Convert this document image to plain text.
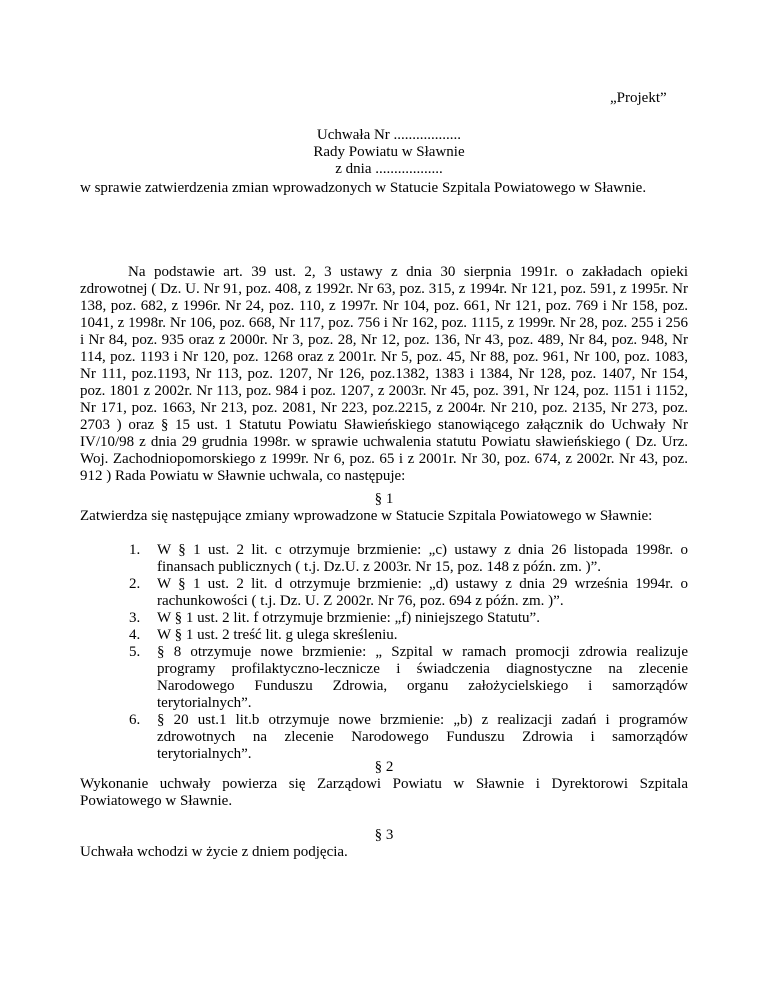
„Projekt”

Uchwała Nr ..................
Rady Powiatu w Sławnie
z dnia ..................

w sprawie zatwierdzenia zmian wprowadzonych w Statucie Szpitala Powiatowego w Sławnie.

Na podstawie art. 39 ust. 2, 3 ustawy z dnia 30 sierpnia 1991r. o zakładach opieki zdrowotnej ( Dz. U. Nr 91, poz. 408, z 1992r. Nr 63, poz. 315, z 1994r. Nr 121, poz. 591, z 1995r. Nr 138, poz. 682, z 1996r. Nr 24, poz. 110, z 1997r. Nr 104, poz. 661, Nr 121, poz. 769 i Nr 158, poz. 1041, z 1998r. Nr 106, poz. 668, Nr 117, poz. 756 i Nr 162, poz. 1115, z 1999r. Nr 28, poz. 255 i 256 i Nr 84, poz. 935 oraz z 2000r. Nr 3, poz. 28, Nr 12, poz. 136, Nr 43, poz. 489, Nr 84, poz. 948, Nr 114, poz. 1193 i Nr 120, poz. 1268 oraz z 2001r. Nr 5, poz. 45, Nr 88, poz. 961, Nr 100, poz. 1083, Nr 111, poz.1193, Nr 113, poz. 1207, Nr 126, poz.1382, 1383 i 1384, Nr 128, poz. 1407, Nr 154, poz. 1801 z 2002r. Nr 113, poz. 984 i poz. 1207, z 2003r. Nr 45, poz. 391, Nr 124, poz. 1151 i 1152, Nr 171, poz. 1663, Nr 213, poz. 2081, Nr 223, poz.2215, z 2004r. Nr 210, poz. 2135, Nr 273, poz. 2703 ) oraz § 15 ust. 1 Statutu Powiatu Sławieńskiego stanowiącego załącznik do Uchwały Nr IV/10/98 z dnia 29 grudnia 1998r. w sprawie uchwalenia statutu Powiatu sławieńskiego ( Dz. Urz. Woj. Zachodniopomorskiego z 1999r. Nr 6, poz. 65 i z 2001r. Nr 30, poz. 674, z 2002r. Nr 43, poz. 912 ) Rada Powiatu w Sławnie uchwala, co następuje:

§ 1

Zatwierdza się następujące zmiany wprowadzone w Statucie Szpitala Powiatowego w Sławnie:

1. W § 1 ust. 2 lit. c otrzymuje brzmienie: „c) ustawy z dnia 26 listopada 1998r. o finansach publicznych ( t.j. Dz.U. z 2003r. Nr 15, poz. 148 z późn. zm. )”.
2. W § 1 ust. 2 lit. d otrzymuje brzmienie: „d) ustawy z dnia 29 września 1994r. o rachunkowości ( t.j. Dz. U. Z 2002r. Nr 76, poz. 694 z późn. zm. )”.
3. W § 1 ust. 2 lit. f otrzymuje brzmienie: „f) niniejszego Statutu”.
4. W § 1 ust. 2 treść lit. g ulega skreśleniu.
5. § 8 otrzymuje nowe brzmienie: „ Szpital w ramach promocji zdrowia realizuje programy profilaktyczno-lecznicze i świadczenia diagnostyczne na zlecenie Narodowego Funduszu Zdrowia, organu założycielskiego i samorządów terytorialnych”.
6. § 20 ust.1 lit.b otrzymuje nowe brzmienie: „b) z realizacji zadań i programów zdrowotnych na zlecenie Narodowego Funduszu Zdrowia i samorządów terytorialnych”.

§ 2

Wykonanie uchwały powierza się Zarządowi Powiatu w Sławnie i Dyrektorowi Szpitala Powiatowego w Sławnie.

§ 3

Uchwała wchodzi w życie z dniem podjęcia.
